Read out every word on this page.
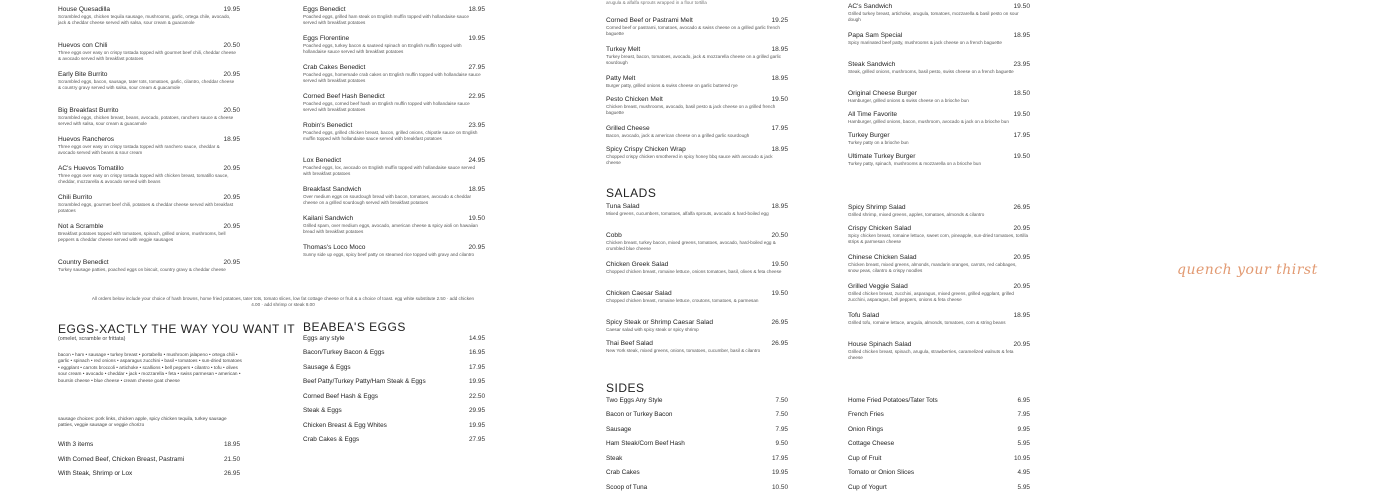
House Quesadilla	19.95
Scrambled eggs, chicken tequila sausage, mushrooms, garlic, ortega chile, avocado, jack & cheddar cheese served with salsa, sour cream & guacamole
Huevos con Chili	20.50
Three eggs over easy on crispy tostada topped with gourmet beef chili, cheddar cheese & avocado served with breakfast potatoes
Early Bite Burrito	20.95
Scrambled eggs, bacon, sausage, tater tots, tomatoes, garlic, cilantro, cheddar cheese & country gravy served with salsa, sour cream & guacamole
Big Breakfast Burrito	20.50
Scrambled eggs, chicken breast, beans, avocado, potatoes, ranchero sauce & cheese served with salsa, sour cream & guacamole
Huevos Rancheros	18.95
Three eggs over easy on crispy tostada topped with ranchero sauce, cheddar & avocado served with beans & sour cream
AC's Huevos Tomatillo	20.95
Three eggs over easy on crispy tostada topped with chicken breast, tomatillo sauce, cheddar, mozzarella & avocado served with beans
Chili Burrito	20.95
Scrambled eggs, gourmet beef chili, potatoes & cheddar cheese served with breakfast potatoes
Not a Scramble	20.95
Breakfast potatoes topped with tomatoes, spinach, grilled onions, mushrooms, bell peppers & cheddar cheese served with veggie sausages
Country Benedict	20.95
Turkey sausage patties, poached eggs on biscuit, country gravy & cheddar cheese
All orders below include your choice of hash browns, home fried potatoes, tater tots, tomato slices, low fat cottage cheese or fruit & a choice of toast. egg white substitute 2.50 · add chicken 4.00 · add shrimp or steak 8.00
EGGS-XACTLY THE WAY YOU WANT IT
(omelet, scramble or frittata)
bacon • ham • sausage • turkey breast • portabello • mushroom jalapeno • ortega chili • garlic • spinach • red onions • asparagus zucchini • basil • tomatoes • sun-dried tomatoes • eggplant • carrots broccoli • artichoke • scallions • bell peppers • cilantro • tofu • olives sour cream • avocado • cheddar • jack • mozzarella • feta • swiss parmesan • american • boursin cheese • blue cheese • cream cheese goat cheese
sausage choices: pork links, chicken apple, spicy chicken tequila, turkey sausage patties, veggie sausage or veggie chorizo
With 3 items	18.95
With Corned Beef, Chicken Breast, Pastrami	21.50
With Steak, Shrimp or Lox	26.95
Eggs Benedict	18.95
Poached eggs, grilled ham steak on English muffin topped with hollandaise sauce served with breakfast potatoes
Eggs Florentine	19.95
Poached eggs, turkey bacon & sauteed spinach on English muffin topped with hollandaise sauce served with breakfast potatoes
Crab Cakes Benedict	27.95
Poached eggs, homemade crab cakes on English muffin topped with hollandaise sauce served with breakfast potatoes
Corned Beef Hash Benedict	22.95
Poached eggs, corned beef hash on English muffin topped with hollandaise sauce served with breakfast potatoes
Robin's Benedict	23.95
Poached eggs, grilled chicken breast, bacon, grilled onions, chipotle sauce on English muffin topped with hollandaise sauce served with breakfast potatoes
Lox Benedict	24.95
Poached eggs, lox, avocado on English muffin topped with hollandaise sauce served with breakfast potatoes
Breakfast Sandwich	18.95
Over medium eggs on sourdough bread with bacon, tomatoes, avocado & cheddar cheese on a grilled sourdough served with breakfast potatoes
Kailani Sandwich	19.50
Grilled spam, over medium eggs, avocado, american cheese & spicy aioli on hawaiian bread with breakfast potatoes
Thomas's Loco Moco	20.95
Sunny side up eggs, spicy beef patty on steamed rice topped with gravy and cilantro
BEABEA'S EGGS
Eggs any style	14.95
Bacon/Turkey Bacon & Eggs	16.95
Sausage & Eggs	17.95
Beef Patty/Turkey Patty/Ham Steak & Eggs	19.95
Corned Beef Hash & Eggs	22.50
Steak & Eggs	29.95
Chicken Breast & Egg Whites	19.95
Crab Cakes & Eggs	27.95
arugula & alfalfa sprouts wrapped in a flour tortilla
Corned Beef or Pastrami Melt	19.25
Corned beef or pastrami, tomatoes, avocado & swiss cheese on a grilled garlic french baguette
Turkey Melt	18.95
Turkey breast, bacon, tomatoes, avocado, jack & mozzarella cheese on a grilled garlic sourdough
Patty Melt	18.95
Burger patty, grilled onions & swiss cheese on garlic buttered rye
Pesto Chicken Melt	19.50
Chicken breast, mushrooms, avocado, basil pesto & jack cheese on a grilled french baguette
Grilled Cheese	17.95
Bacon, avocado, jack & american cheese on a grilled garlic sourdough
Spicy Crispy Chicken Wrap	18.95
Chopped crispy chicken smothered in spicy honey bbq sauce with avocado & jack cheese
SALADS
Tuna Salad	18.95
Mixed greens, cucumbers, tomatoes, alfalfa sprouts, avocado & hard-boiled egg
Cobb	20.50
Chicken breast, turkey bacon, mixed greens, tomatoes, avocado, hard-boiled egg & crumbled blue cheese
Chicken Greek Salad	19.50
Chopped chicken breast, romaine lettuce, onions tomatoes, basil, olives & feta cheese
Chicken Caesar Salad	19.50
Chopped chicken breast, romaine lettuce, croutons, tomatoes, & parmesan
Spicy Steak or Shrimp Caesar Salad	26.95
Caesar salad with spicy steak or spicy shrimp
Thai Beef Salad	26.95
New York steak, mixed greens, onions, tomatoes, cucumber, basil & cilantro
SIDES
Two Eggs Any Style	7.50
Bacon or Turkey Bacon	7.50
Sausage	7.95
Ham Steak/Corn Beef Hash	9.50
Steak	17.95
Crab Cakes	19.95
Scoop of Tuna	10.50
AC's Sandwich	19.50
Grilled turkey breast, artichoke, arugula, tomatoes, mozzarella & basil pesto on sour dough
Papa Sam Special	18.95
Spicy marinated beef patty, mushrooms & jack cheese on a french baguette
Steak Sandwich	23.95
Steak, grilled onions, mushrooms, basil pesto, swiss cheese on a french baguette
Original Cheese Burger	18.50
Hamburger, grilled onions & swiss cheese on a brioche bun
All Time Favorite	19.50
Hamburger, grilled onions, bacon, mushroom, avocado & jack on a brioche bun
Turkey Burger	17.95
Turkey patty on a brioche bun
Ultimate Turkey Burger	19.50
Turkey patty, spinach, mushrooms & mozzarella on a brioche bun
Spicy Shrimp Salad	26.95
Grilled shrimp, mixed greens, apples, tomatoes, almonds & cilantro
Crispy Chicken Salad	20.95
Spicy chicken breast, romaine lettuce, sweet corn, pineapple, sun-dried tomatoes, tortilla strips & parmesan cheese
Chinese Chicken Salad	20.95
Chicken breast, mixed greens, almonds, mandarin oranges, carrots, red cabbages, snow peas, cilantro & crispy noodles
Grilled Veggie Salad	20.95
Grilled chicken breast, zucchini, asparagus, mixed greens, grilled eggplant, grilled zucchini, asparagus, bell peppers, onions & feta cheese
Tofu Salad	18.95
Grilled tofu, romaine lettuce, arugula, almonds, tomatoes, corn & string beans
House Spinach Salad	20.95
Grilled chicken breast, spinach, arugula, strawberries, caramelized walnuts & feta cheese
Home Fried Potatoes/Tater Tots	6.95
French Fries	7.95
Onion Rings	9.95
Cottage Cheese	5.95
Cup of Fruit	10.95
Tomato or Onion Slices	4.95
Cup of Yogurt	5.95
quench your thirst
